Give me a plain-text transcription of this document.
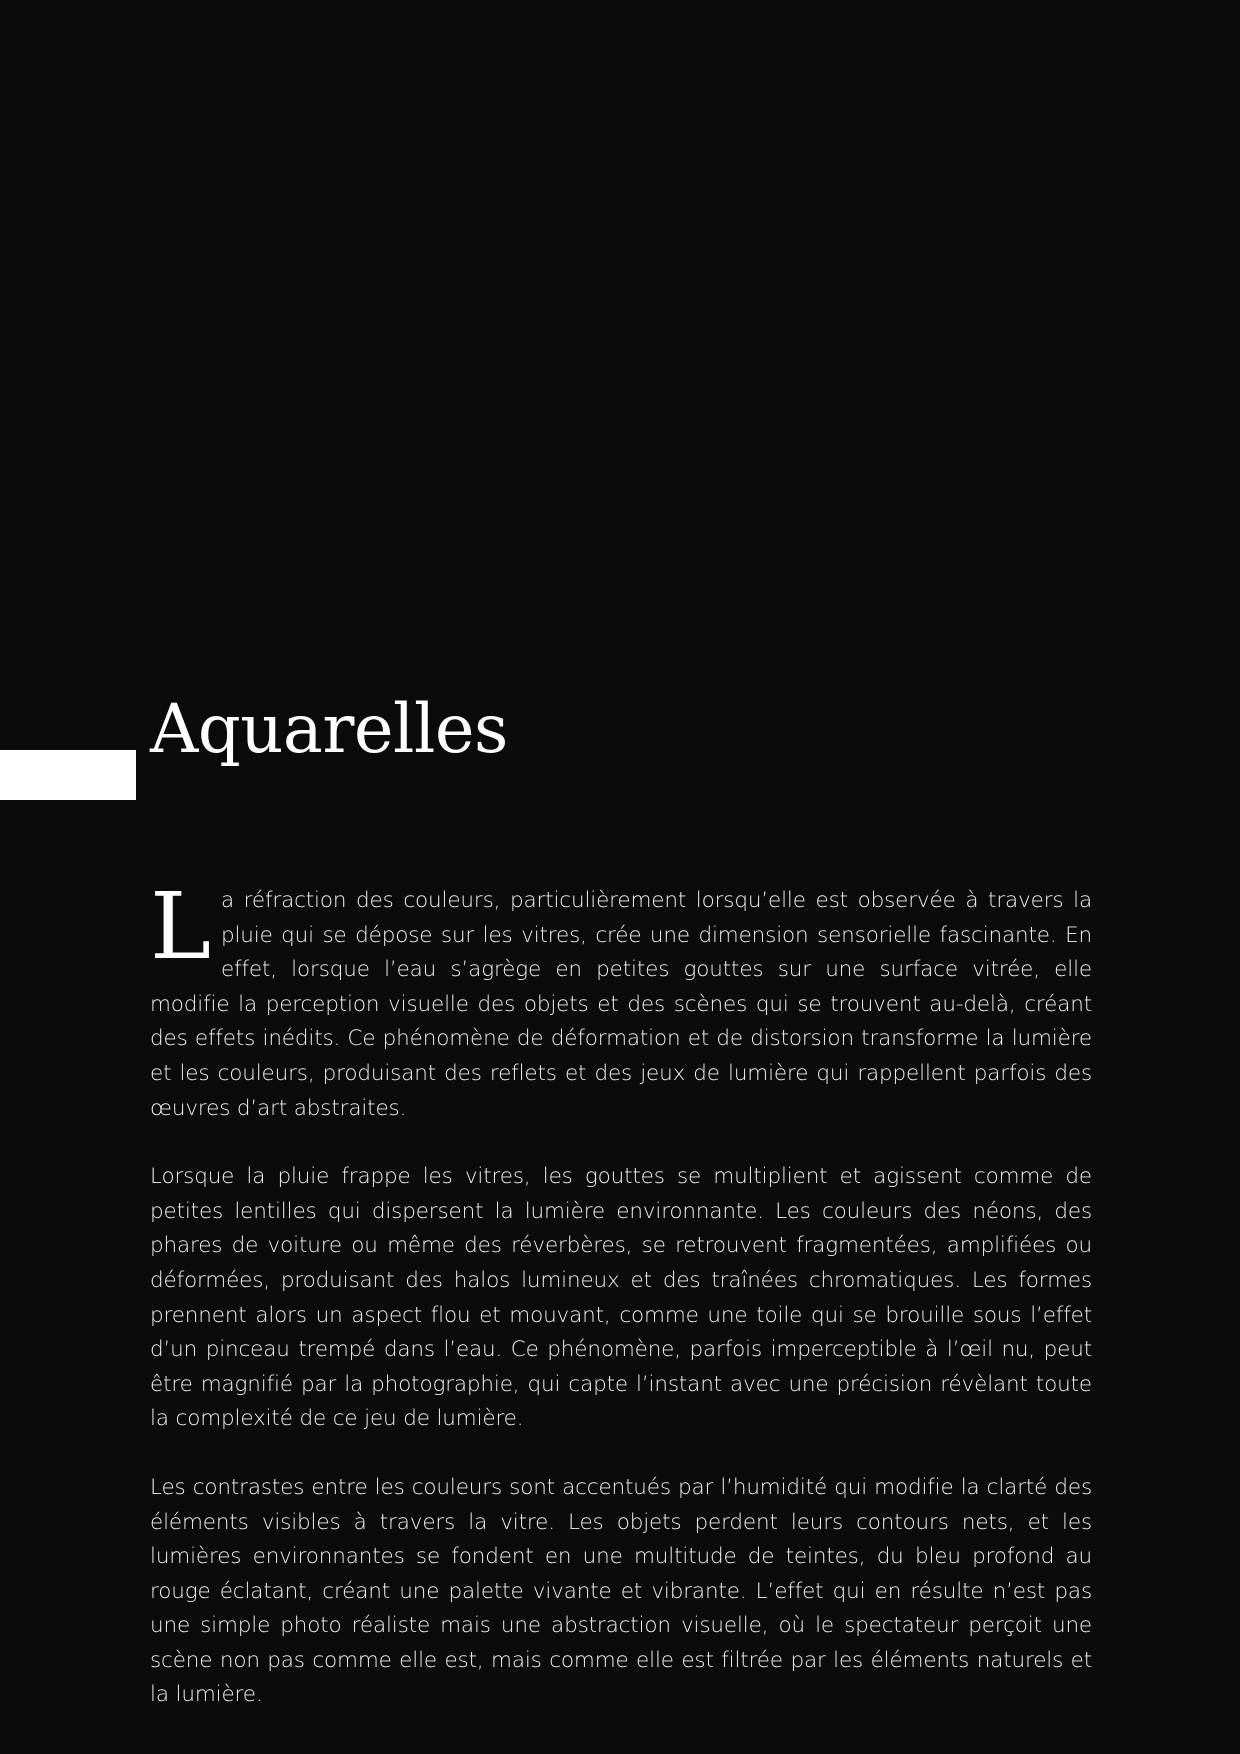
Aquarelles

La réfraction des couleurs, particulièrement lorsqu’elle est observée à travers la pluie qui se dépose sur les vitres, crée une dimension sensorielle fascinante. En effet, lorsque l’eau s’agrège en petites gouttes sur une surface vitrée, elle modifie la perception visuelle des objets et des scènes qui se trouvent au-delà, créant des effets inédits. Ce phénomène de déformation et de distorsion transforme la lumière et les couleurs, produisant des reflets et des jeux de lumière qui rappellent parfois des œuvres d’art abstraites.

Lorsque la pluie frappe les vitres, les gouttes se multiplient et agissent comme de petites lentilles qui dispersent la lumière environnante. Les couleurs des néons, des phares de voiture ou même des réverbères, se retrouvent fragmentées, amplifiées ou déformées, produisant des halos lumineux et des traînées chromatiques. Les formes prennent alors un aspect flou et mouvant, comme une toile qui se brouille sous l’effet d’un pinceau trempé dans l’eau. Ce phénomène, parfois imperceptible à l’œil nu, peut être magnifié par la photographie, qui capte l’instant avec une précision révèlant toute la complexité de ce jeu de lumière.

Les contrastes entre les couleurs sont accentués par l’humidité qui modifie la clarté des éléments visibles à travers la vitre. Les objets perdent leurs contours nets, et les lumières environnantes se fondent en une multitude de teintes, du bleu profond au rouge éclatant, créant une palette vivante et vibrante. L’effet qui en résulte n’est pas une simple photo réaliste mais une abstraction visuelle, où le spectateur perçoit une scène non pas comme elle est, mais comme elle est filtrée par les éléments naturels et la lumière.
